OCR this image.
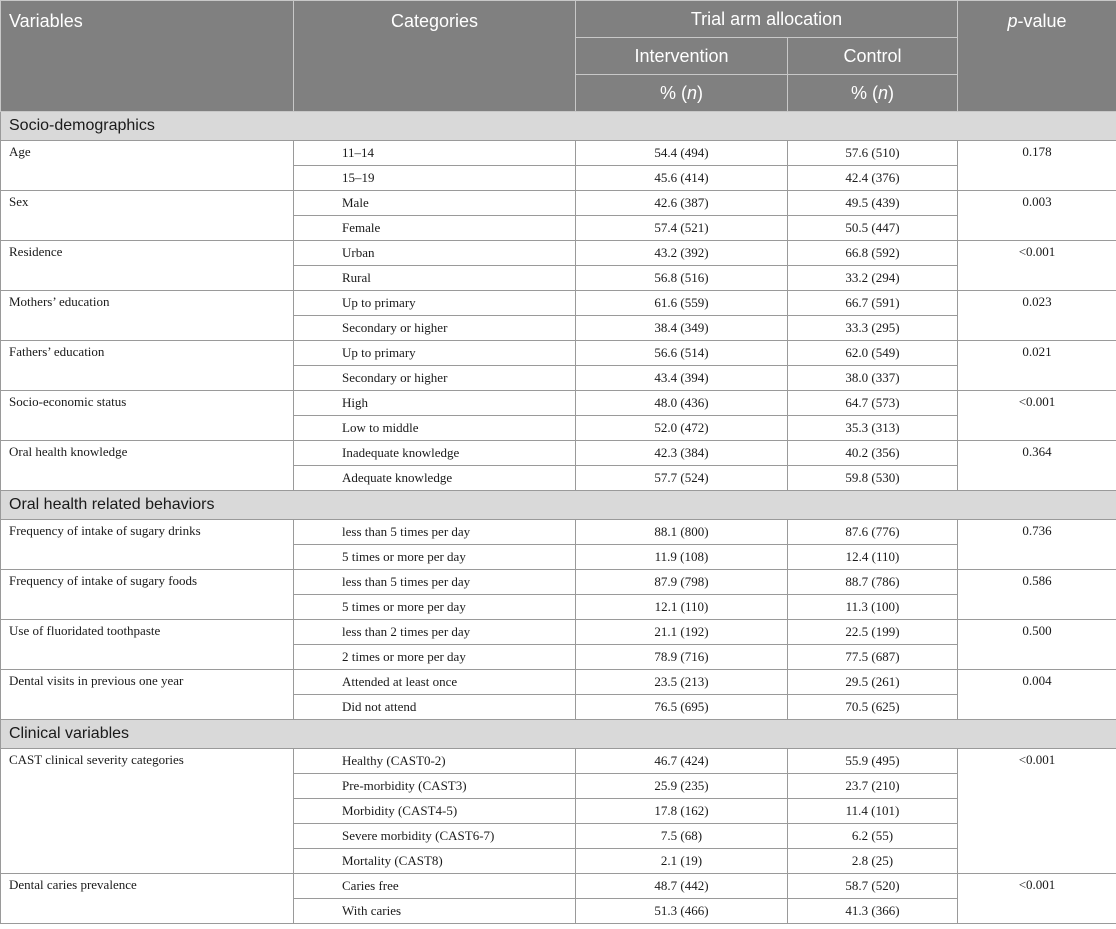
Variables	Categories	Trial arm allocation		p-value
		Intervention	Control	
		% (n)	% (n)	
Socio-demographics				
Age	11–14	54.4 (494)	57.6 (510)	0.178
	15–19	45.6 (414)	42.4 (376)	
Sex	Male	42.6 (387)	49.5 (439)	0.003
	Female	57.4 (521)	50.5 (447)	
Residence	Urban	43.2 (392)	66.8 (592)	<0.001
	Rural	56.8 (516)	33.2 (294)	
Mothers’ education	Up to primary	61.6 (559)	66.7 (591)	0.023
	Secondary or higher	38.4 (349)	33.3 (295)	
Fathers’ education	Up to primary	56.6 (514)	62.0 (549)	0.021
	Secondary or higher	43.4 (394)	38.0 (337)	
Socio-economic status	High	48.0 (436)	64.7 (573)	<0.001
	Low to middle	52.0 (472)	35.3 (313)	
Oral health knowledge	Inadequate knowledge	42.3 (384)	40.2 (356)	0.364
	Adequate knowledge	57.7 (524)	59.8 (530)	
Oral health related behaviors				
Frequency of intake of sugary drinks	less than 5 times per day	88.1 (800)	87.6 (776)	0.736
	5 times or more per day	11.9 (108)	12.4 (110)	
Frequency of intake of sugary foods	less than 5 times per day	87.9 (798)	88.7 (786)	0.586
	5 times or more per day	12.1 (110)	11.3 (100)	
Use of fluoridated toothpaste	less than 2 times per day	21.1 (192)	22.5 (199)	0.500
	2 times or more per day	78.9 (716)	77.5 (687)	
Dental visits in previous one year	Attended at least once	23.5 (213)	29.5 (261)	0.004
	Did not attend	76.5 (695)	70.5 (625)	
Clinical variables				
CAST clinical severity categories	Healthy (CAST0-2)	46.7 (424)	55.9 (495)	<0.001
	Pre-morbidity (CAST3)	25.9 (235)	23.7 (210)	
	Morbidity (CAST4-5)	17.8 (162)	11.4 (101)	
	Severe morbidity (CAST6-7)	7.5 (68)	6.2 (55)	
	Mortality (CAST8)	2.1 (19)	2.8 (25)	
Dental caries prevalence	Caries free	48.7 (442)	58.7 (520)	<0.001
	With caries	51.3 (466)	41.3 (366)	
